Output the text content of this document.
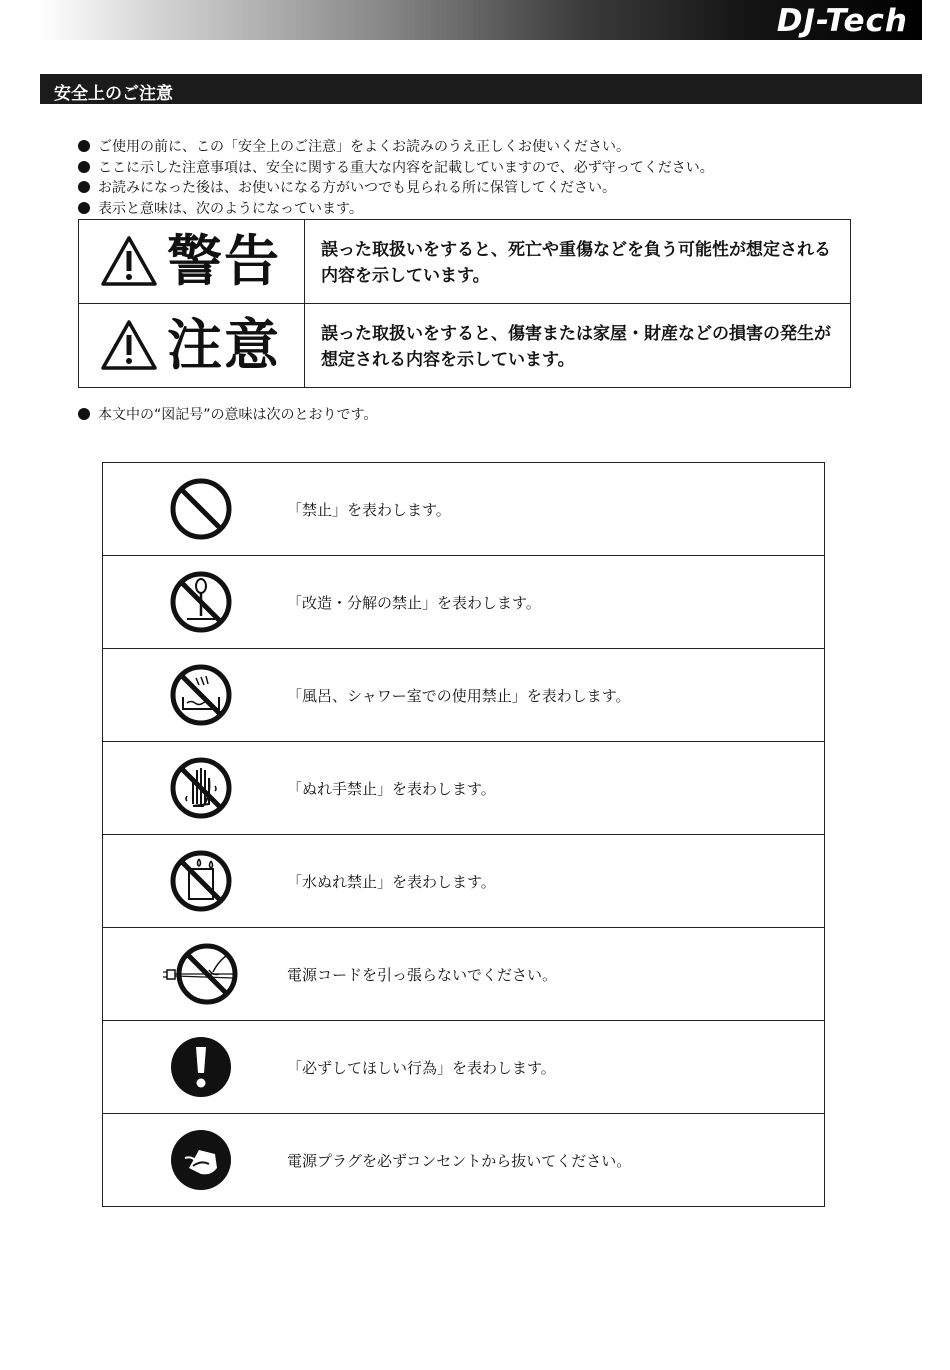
DJ-Tech
安全上のご注意
ご使用の前に、この「安全上のご注意」をよくお読みのうえ正しくお使いください。
ここに示した注意事項は、安全に関する重大な内容を記載していますので、必ず守ってください。
お読みになった後は、お使いになる方がいつでも見られる所に保管してください。
表示と意味は、次のようになっています。
警告 誤った取扱いをすると、死亡や重傷などを負う可能性が想定される内容を示しています。
注意 誤った取扱いをすると、傷害または家屋・財産などの損害の発生が想定される内容を示しています。
本文中の“図記号”の意味は次のとおりです。
「禁止」を表わします。
「改造・分解の禁止」を表わします。
「風呂、シャワー室での使用禁止」を表わします。
「ぬれ手禁止」を表わします。
「水ぬれ禁止」を表わします。
電源コードを引っ張らないでください。
「必ずしてほしい行為」を表わします。
電源プラグを必ずコンセントから抜いてください。
